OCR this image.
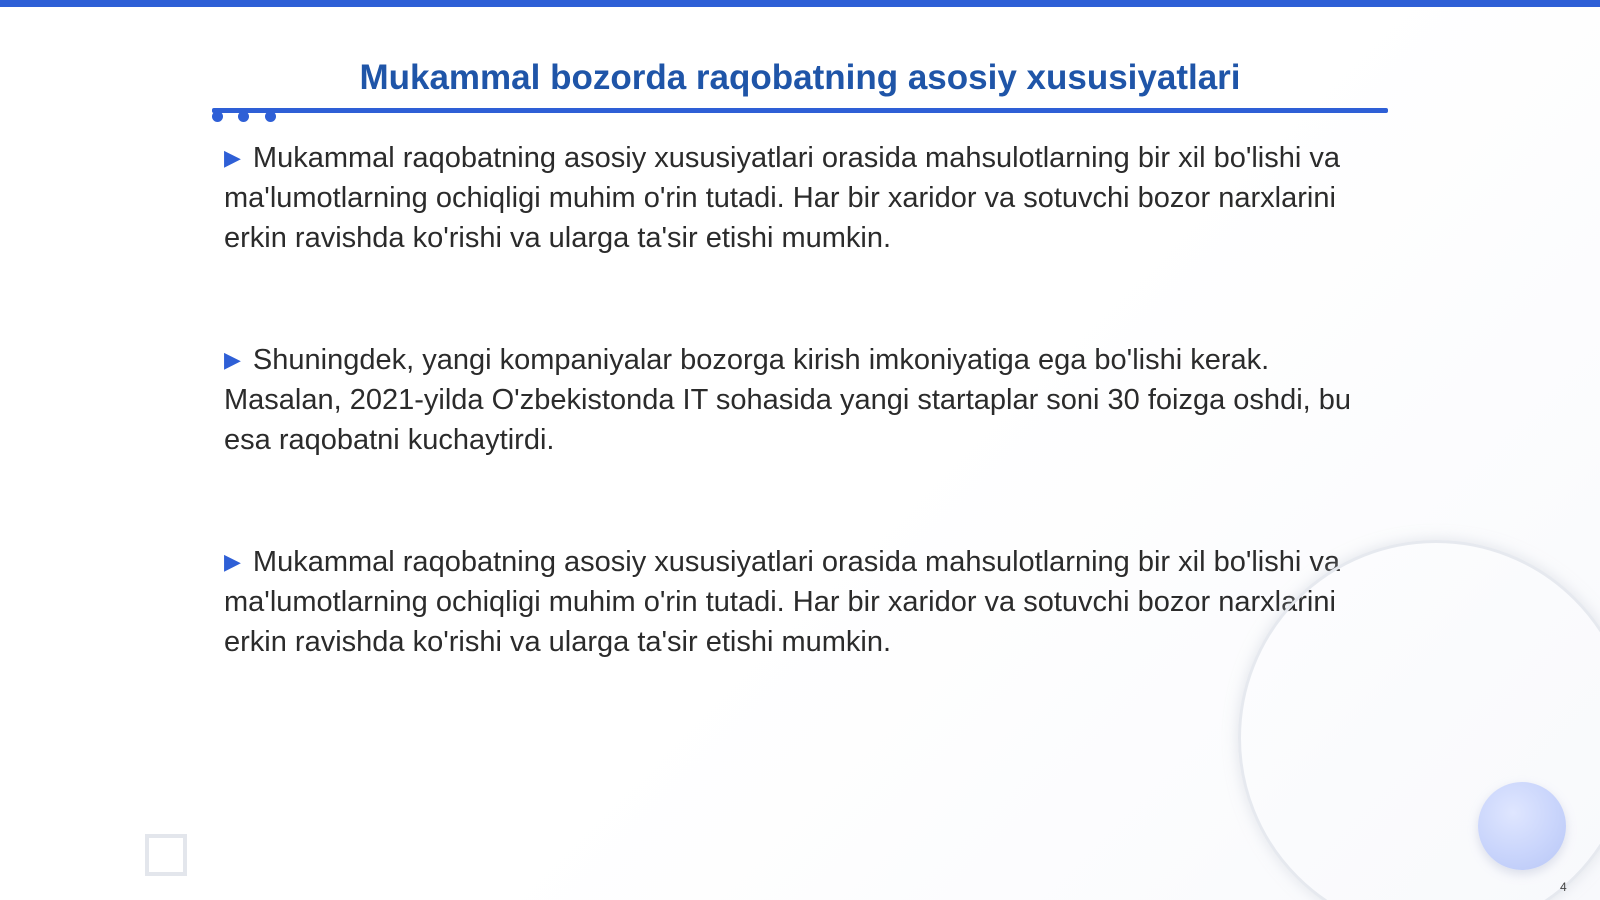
Mukammal bozorda raqobatning asosiy xususiyatlari

▶ Mukammal raqobatning asosiy xususiyatlari orasida mahsulotlarning bir xil bo'lishi va ma'lumotlarning ochiqligi muhim o'rin tutadi. Har bir xaridor va sotuvchi bozor narxlarini erkin ravishda ko'rishi va ularga ta'sir etishi mumkin.

▶ Shuningdek, yangi kompaniyalar bozorga kirish imkoniyatiga ega bo'lishi kerak. Masalan, 2021-yilda O'zbekistonda IT sohasida yangi startaplar soni 30 foizga oshdi, bu esa raqobatni kuchaytirdi.

▶ Mukammal raqobatning asosiy xususiyatlari orasida mahsulotlarning bir xil bo'lishi va ma'lumotlarning ochiqligi muhim o'rin tutadi. Har bir xaridor va sotuvchi bozor narxlarini erkin ravishda ko'rishi va ularga ta'sir etishi mumkin.

4
